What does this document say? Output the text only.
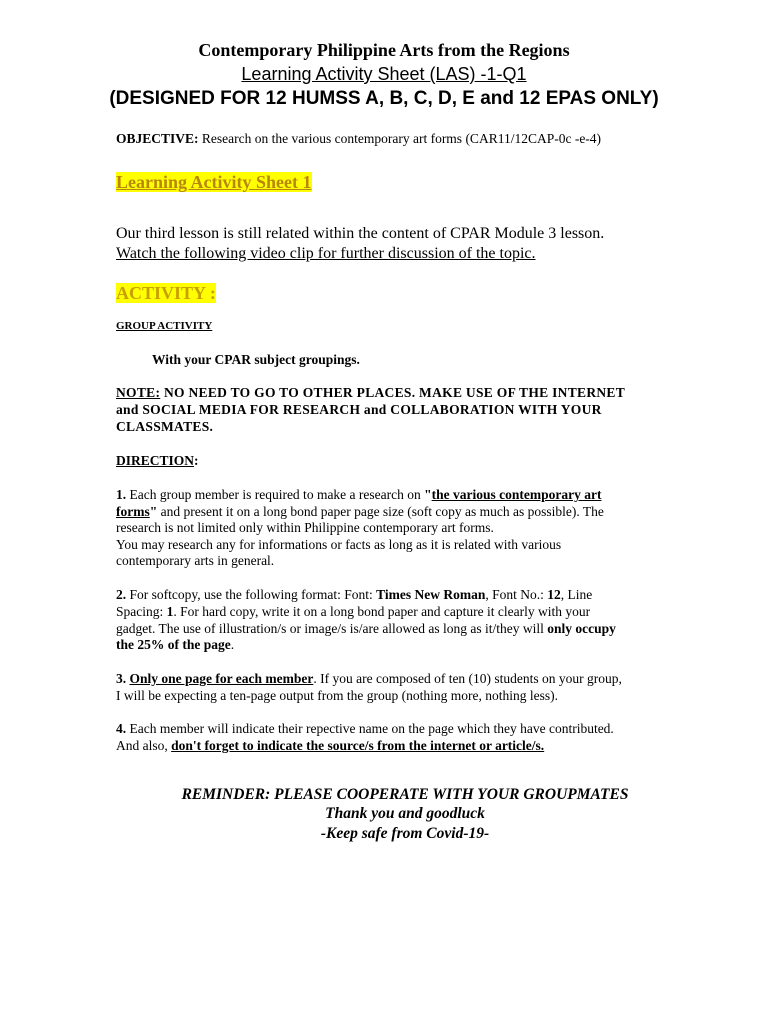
Contemporary Philippine Arts from the Regions
Learning Activity Sheet (LAS) -1-Q1
(DESIGNED FOR 12 HUMSS A, B, C, D, E and 12 EPAS ONLY)
OBJECTIVE: Research on the various contemporary art forms (CAR11/12CAP-0c -e-4)
Learning Activity Sheet 1
Our third lesson is still related within the content of CPAR Module 3 lesson.
Watch the following video clip for further discussion of the topic.
ACTIVITY :
GROUP ACTIVITY
With your CPAR subject groupings.
NOTE: NO NEED TO GO TO OTHER PLACES. MAKE USE OF THE INTERNET
and SOCIAL MEDIA FOR RESEARCH and COLLABORATION WITH YOUR
CLASSMATES.
DIRECTION:
1. Each group member is required to make a research on "the various contemporary art
forms" and present it on a long bond paper page size (soft copy as much as possible). The
research is not limited only within Philippine contemporary art forms.
You may research any for informations or facts as long as it is related with various
contemporary arts in general.
2. For softcopy, use the following format: Font: Times New Roman, Font No.: 12, Line
Spacing: 1. For hard copy, write it on a long bond paper and capture it clearly with your
gadget. The use of illustration/s or image/s is/are allowed as long as it/they will only occupy
the 25% of the page.
3. Only one page for each member. If you are composed of ten (10) students on your group,
I will be expecting a ten-page output from the group (nothing more, nothing less).
4. Each member will indicate their repective name on the page which they have contributed.
And also, don't forget to indicate the source/s from the internet or article/s.
REMINDER: PLEASE COOPERATE WITH YOUR GROUPMATES
Thank you and goodluck
-Keep safe from Covid-19-
